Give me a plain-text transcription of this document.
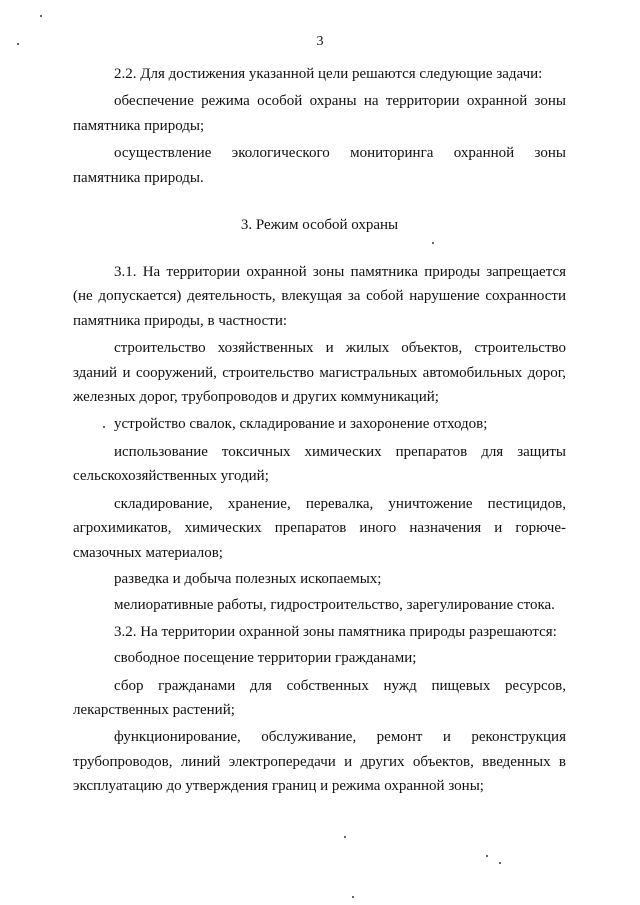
3

2.2. Для достижения указанной цели решаются следующие задачи:

обеспечение режима особой охраны на территории охранной зоны памятника природы;

осуществление экологического мониторинга охранной зоны памятника природы.

3. Режим особой охраны

3.1. На территории охранной зоны памятника природы запрещается (не допускается) деятельность, влекущая за собой нарушение сохранности памятника природы, в частности:

строительство хозяйственных и жилых объектов, строительство зданий и сооружений, строительство магистральных автомобильных дорог, железных дорог, трубопроводов и других коммуникаций;

устройство свалок, складирование и захоронение отходов;

использование токсичных химических препаратов для защиты сельскохозяйственных угодий;

складирование, хранение, перевалка, уничтожение пестицидов, агрохимикатов, химических препаратов иного назначения и горюче-смазочных материалов;

разведка и добыча полезных ископаемых;

мелиоративные работы, гидростроительство, зарегулирование стока.

3.2. На территории охранной зоны памятника природы разрешаются:

свободное посещение территории гражданами;

сбор гражданами для собственных нужд пищевых ресурсов, лекарственных растений;

функционирование, обслуживание, ремонт и реконструкция трубопроводов, линий электропередачи и других объектов, введенных в эксплуатацию до утверждения границ и режима охранной зоны;
